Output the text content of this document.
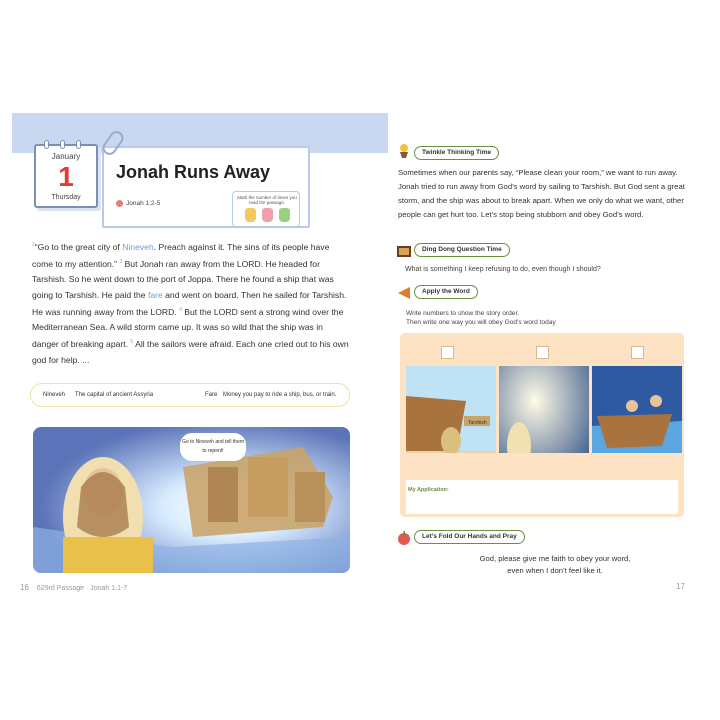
January
1
Thursday
Jonah Runs Away
Jonah 1:2-5
Mark the number of times you read the passage.
$^2$“Go to the great city of Nineveh. Preach against it. The sins of its people have come to my attention.” $^3$ But Jonah ran away from the LORD. He headed for Tarshish. So he went down to the port of Joppa. There he found a ship that was going to Tarshish. He paid the fare and went on board. Then he sailed for Tarshish. He was running away from the LORD. $^4$ But the LORD sent a strong wind over the Mediterranean Sea. A wild storm came up. It was so wild that the ship was in danger of breaking apart. $^5$ All the sailors were afraid. Each one cried out to his own god for help. ...
Nineveh The capital of ancient Assyria	Fare Money you pay to ride a ship, bus, or train.
Go to Nineveh and tell them to repent!
16 629rd Passage · Jonah 1:1-7
Twinkle Thinking Time
Sometimes when our parents say, “Please clean your room,” we want to run away. Jonah tried to run away from God’s word by sailing to Tarshish. But God sent a great storm, and the ship was about to break apart. When we only do what we want, other people can get hurt too. Let’s stop being stubborn and obey God’s word.
Ding Dong Question Time
What is something I keep refusing to do, even though I should?
Apply the Word
Write numbers to show the story order.
Then write one way you will obey God’s word today
Tarshish
My Application:
Let’s Fold Our Hands and Pray
God, please give me faith to obey your word,
even when I don’t feel like it.
17
